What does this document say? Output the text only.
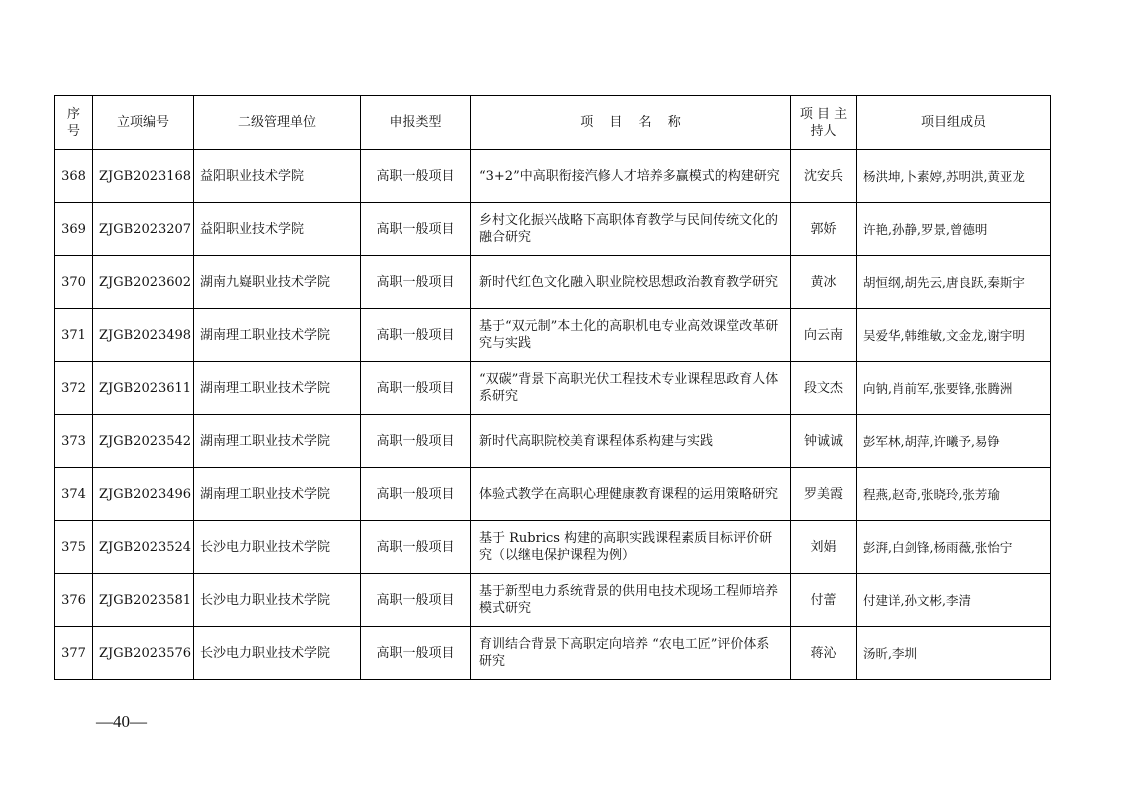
序号	立项编号	二级管理单位	申报类型	项 目 名 称	项 目 主持人	项目组成员
368	ZJGB2023168	益阳职业技术学院	高职一般项目	“3+2”中高职衔接汽修人才培养多赢模式的构建研究	沈安兵	杨洪坤,卜素婷,苏明洪,黄亚龙
369	ZJGB2023207	益阳职业技术学院	高职一般项目	乡村文化振兴战略下高职体育教学与民间传统文化的融合研究	郭娇	许艳,孙静,罗景,曾德明
370	ZJGB2023602	湖南九嶷职业技术学院	高职一般项目	新时代红色文化融入职业院校思想政治教育教学研究	黄冰	胡恒纲,胡先云,唐良跃,秦斯宇
371	ZJGB2023498	湖南理工职业技术学院	高职一般项目	基于“双元制”本土化的高职机电专业高效课堂改革研究与实践	向云南	吴爱华,韩维敏,文金龙,谢宇明
372	ZJGB2023611	湖南理工职业技术学院	高职一般项目	“双碳”背景下高职光伏工程技术专业课程思政育人体系研究	段文杰	向钠,肖前军,张要锋,张腾洲
373	ZJGB2023542	湖南理工职业技术学院	高职一般项目	新时代高职院校美育课程体系构建与实践	钟诚诚	彭军林,胡萍,许曦予,易铮
374	ZJGB2023496	湖南理工职业技术学院	高职一般项目	体验式教学在高职心理健康教育课程的运用策略研究	罗美霞	程燕,赵奇,张晓玲,张芳瑜
375	ZJGB2023524	长沙电力职业技术学院	高职一般项目	基于 Rubrics 构建的高职实践课程素质目标评价研究（以继电保护课程为例）	刘娟	彭湃,白剑锋,杨雨薇,张怡宁
376	ZJGB2023581	长沙电力职业技术学院	高职一般项目	基于新型电力系统背景的供用电技术现场工程师培养模式研究	付蕾	付建详,孙文彬,李清
377	ZJGB2023576	长沙电力职业技术学院	高职一般项目	育训结合背景下高职定向培养 “农电工匠”评价体系研究	蒋沁	汤昕,李圳
—40—
